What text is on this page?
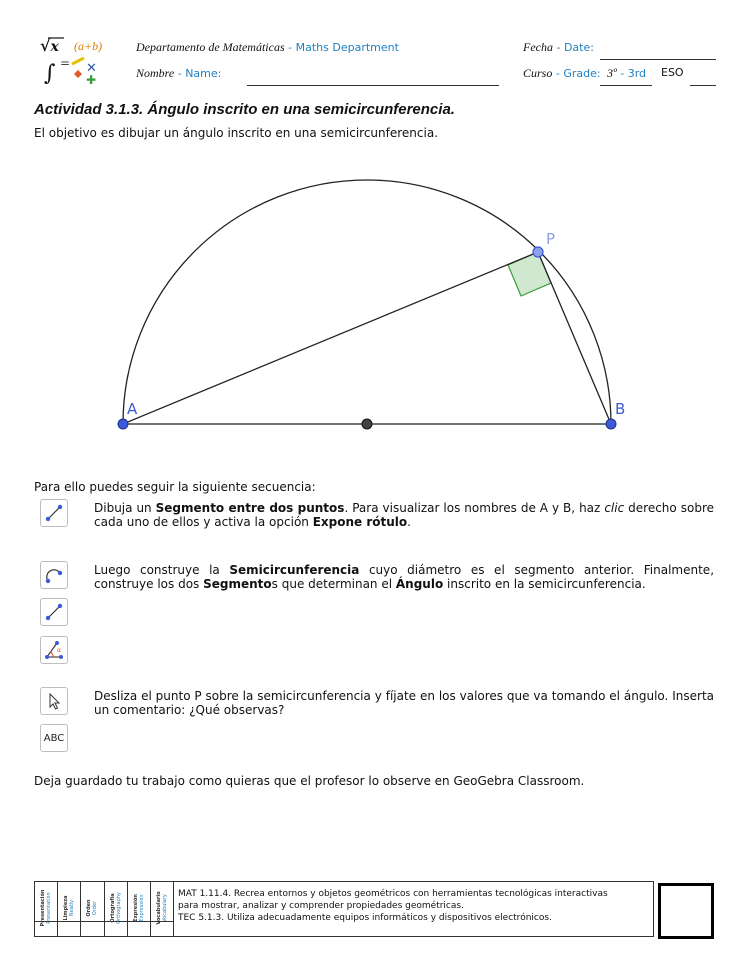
√x (a+b)
∫ = ✕
✚
Departamento de Matemáticas - Maths Department	Fecha - Date:
Nombre - Name:	Curso - Grade: 3º - 3rd ESO
Actividad 3.1.3. Ángulo inscrito en una semicircunferencia.
El objetivo es dibujar un ángulo inscrito en una semicircunferencia.
A	B
P
Para ello puedes seguir la siguiente secuencia:
Dibuja un Segmento entre dos puntos. Para visualizar los nombres de A y B, haz clic derecho sobre cada uno de ellos y activa la opción Expone rótulo.
Luego construye la Semicircunferencia cuyo diámetro es el segmento anterior. Finalmente, construye los dos Segmentos que determinan el Ángulo inscrito en la semicircunferencia.
α
Desliza el punto P sobre la semicircunferencia y fíjate en los valores que va tomando el ángulo. Inserta un comentario: ¿Qué observas?
ABC
Deja guardado tu trabajo como quieras que el profesor lo observe en GeoGebra Classroom.
Presentación Presentation Limpieza Neatly Orden Order Ortografía Orthography Expresión Expression Vocabulario Vocabulary
MAT 1.11.4. Recrea entornos y objetos geométricos con herramientas tecnológicas interactivas
para mostrar, analizar y comprender propiedades geométricas.
TEC 5.1.3. Utiliza adecuadamente equipos informáticos y dispositivos electrónicos.
